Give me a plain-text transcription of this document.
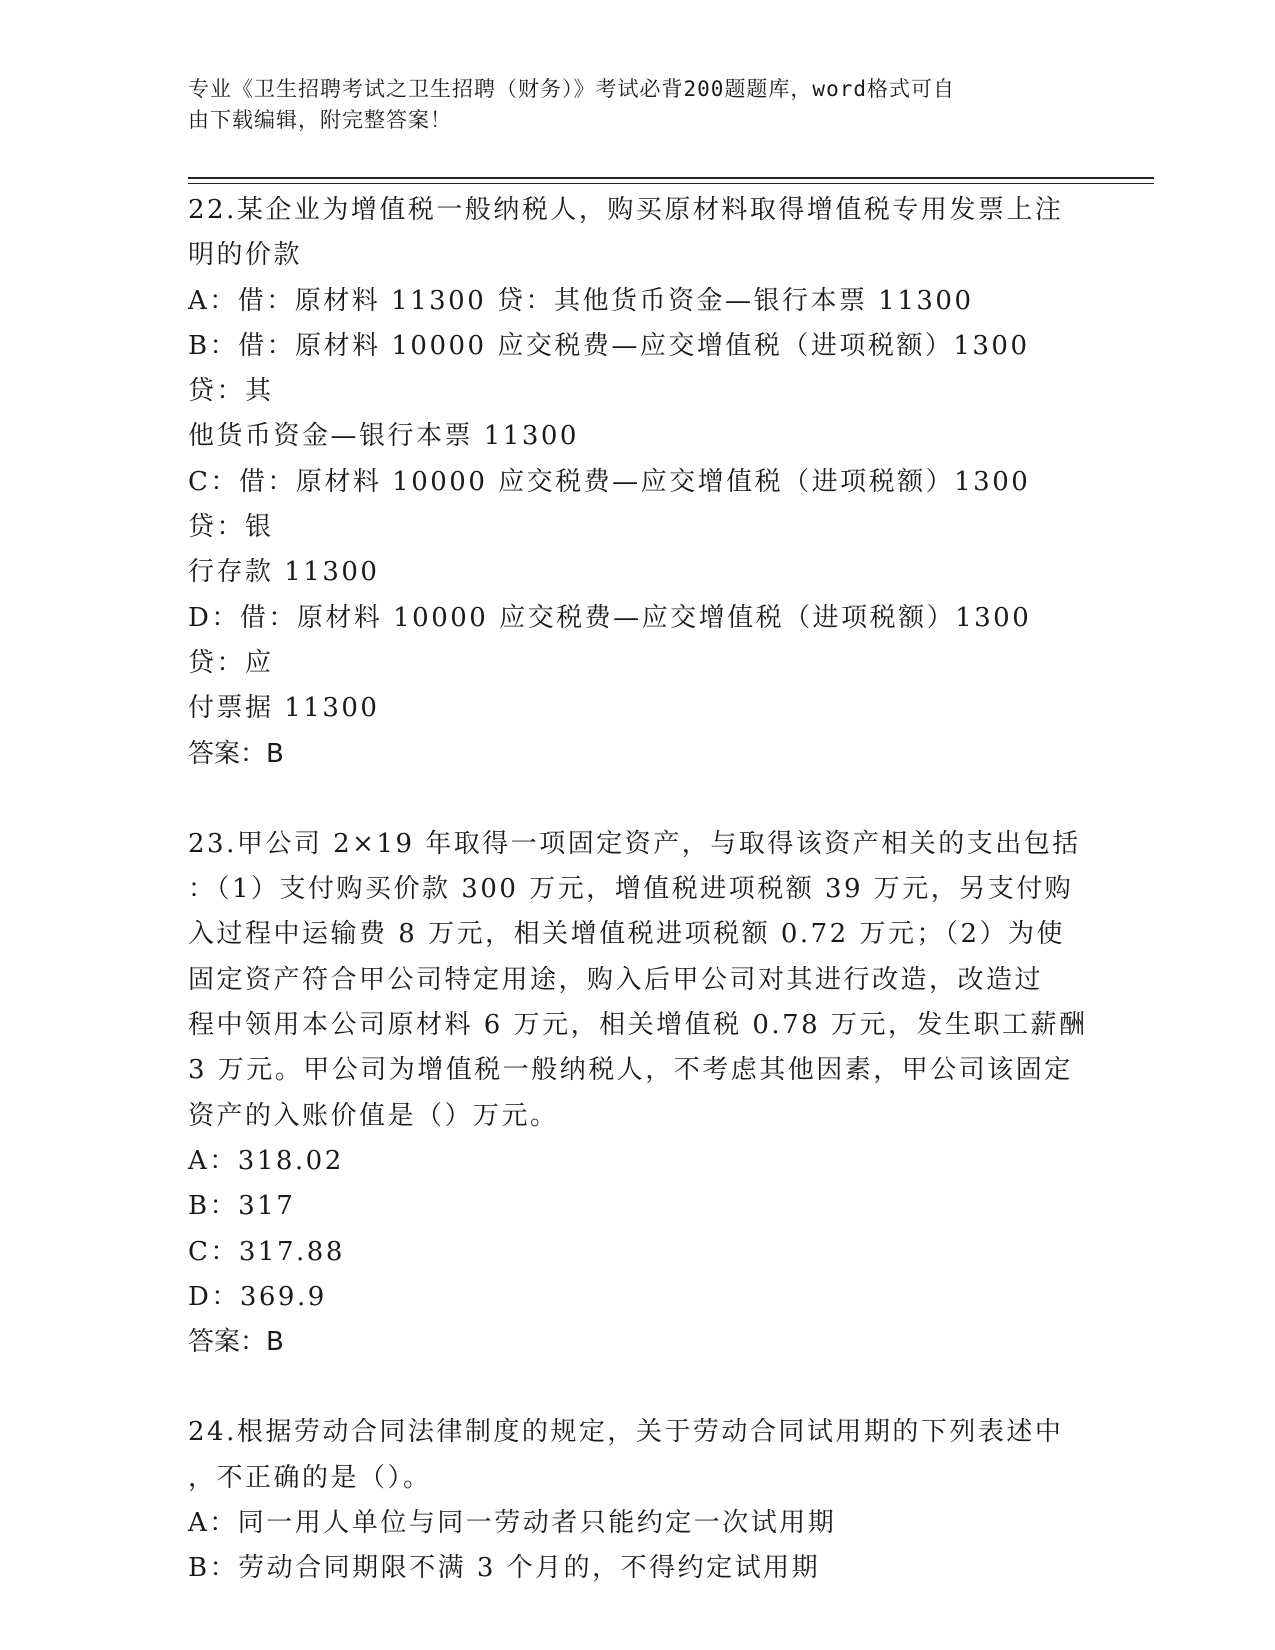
专业《卫生招聘考试之卫生招聘（财务）》考试必背200题题库，word格式可自
由下载编辑，附完整答案！
22.某企业为增值税一般纳税人，购买原材料取得增值税专用发票上注
明的价款
A：借：原材料 11300 贷：其他货币资金—银行本票 11300
B：借：原材料 10000 应交税费—应交增值税（进项税额）1300 贷：其
他货币资金—银行本票 11300
C：借：原材料 10000 应交税费—应交增值税（进项税额）1300 贷：银
行存款 11300
D：借：原材料 10000 应交税费—应交增值税（进项税额）1300 贷：应
付票据 11300
答案：B
23.甲公司 2×19 年取得一项固定资产，与取得该资产相关的支出包括
：（1）支付购买价款 300 万元，增值税进项税额 39 万元，另支付购
入过程中运输费 8 万元，相关增值税进项税额 0.72 万元；（2）为使
固定资产符合甲公司特定用途，购入后甲公司对其进行改造，改造过
程中领用本公司原材料 6 万元，相关增值税 0.78 万元，发生职工薪酬
3 万元。甲公司为增值税一般纳税人，不考虑其他因素，甲公司该固定
资产的入账价值是（）万元。
A：318.02
B：317
C：317.88
D：369.9
答案：B
24.根据劳动合同法律制度的规定，关于劳动合同试用期的下列表述中
，不正确的是（）。
A：同一用人单位与同一劳动者只能约定一次试用期
B：劳动合同期限不满 3 个月的，不得约定试用期
